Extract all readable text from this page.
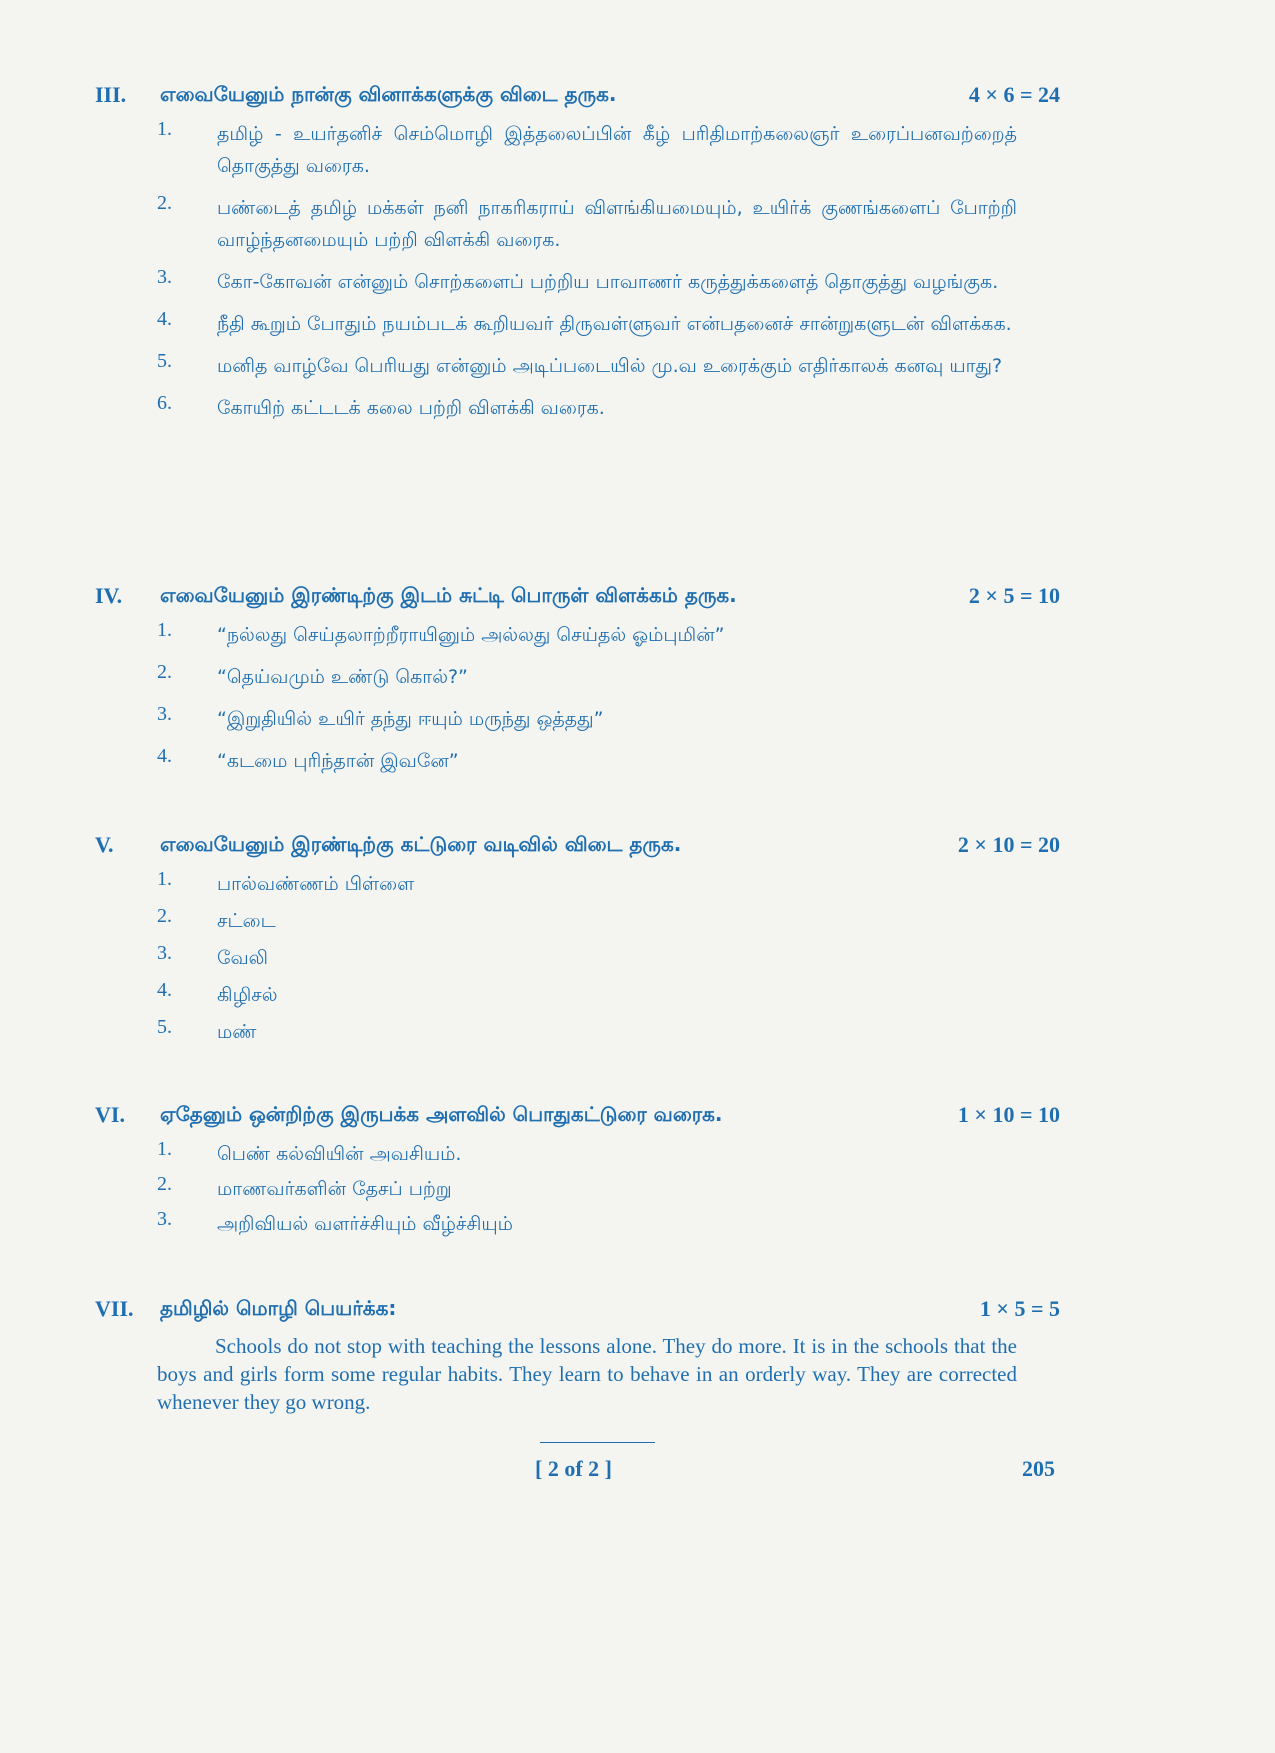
III. எவையேனும் நான்கு வினாக்களுக்கு விடை தருக.	4 × 6 = 24
1. தமிழ் - உயர்தனிச் செம்மொழி இத்தலைப்பின் கீழ் பரிதிமாற்கலைஞர் உரைப்பனவற்றைத் தொகுத்து வரைக.
2. பண்டைத் தமிழ் மக்கள் நனி நாகரிகராய் விளங்கியமையும், உயிர்க் குணங்களைப் போற்றி வாழ்ந்தனமையும் பற்றி விளக்கி வரைக.
3. கோ-கோவன் என்னும் சொற்களைப் பற்றிய பாவாணர் கருத்துக்களைத் தொகுத்து வழங்குக.
4. நீதி கூறும் போதும் நயம்படக் கூறியவர் திருவள்ளுவர் என்பதனைச் சான்றுகளுடன் விளக்கக.
5. மனித வாழ்வே பெரியது என்னும் அடிப்படையில் மு.வ உரைக்கும் எதிர்காலக் கனவு யாது?
6. கோயிற் கட்டடக் கலை பற்றி விளக்கி வரைக.
IV. எவையேனும் இரண்டிற்கு இடம் சுட்டி பொருள் விளக்கம் தருக.	2 × 5 = 10
1. “நல்லது செய்தலாற்றீராயினும் அல்லது செய்தல் ஓம்புமின்”
2. “தெய்வமும் உண்டு கொல்?”
3. “இறுதியில் உயிர் தந்து ஈயும் மருந்து ஒத்தது”
4. “கடமை புரிந்தான் இவனே”
V. எவையேனும் இரண்டிற்கு கட்டுரை வடிவில் விடை தருக.	2 × 10 = 20
1. பால்வண்ணம் பிள்ளை
2. சட்டை
3. வேலி
4. கிழிசல்
5. மண்
VI. ஏதேனும் ஒன்றிற்கு இருபக்க அளவில் பொதுகட்டுரை வரைக.	1 × 10 = 10
1. பெண் கல்வியின் அவசியம்.
2. மாணவர்களின் தேசப் பற்று
3. அறிவியல் வளர்ச்சியும் வீழ்ச்சியும்
VII. தமிழில் மொழி பெயர்க்க:	1 × 5 = 5

Schools do not stop with teaching the lessons alone. They do more. It is in the schools that the boys and girls form some regular habits. They learn to behave in an orderly way. They are corrected whenever they go wrong.

[ 2 of 2 ]	205
